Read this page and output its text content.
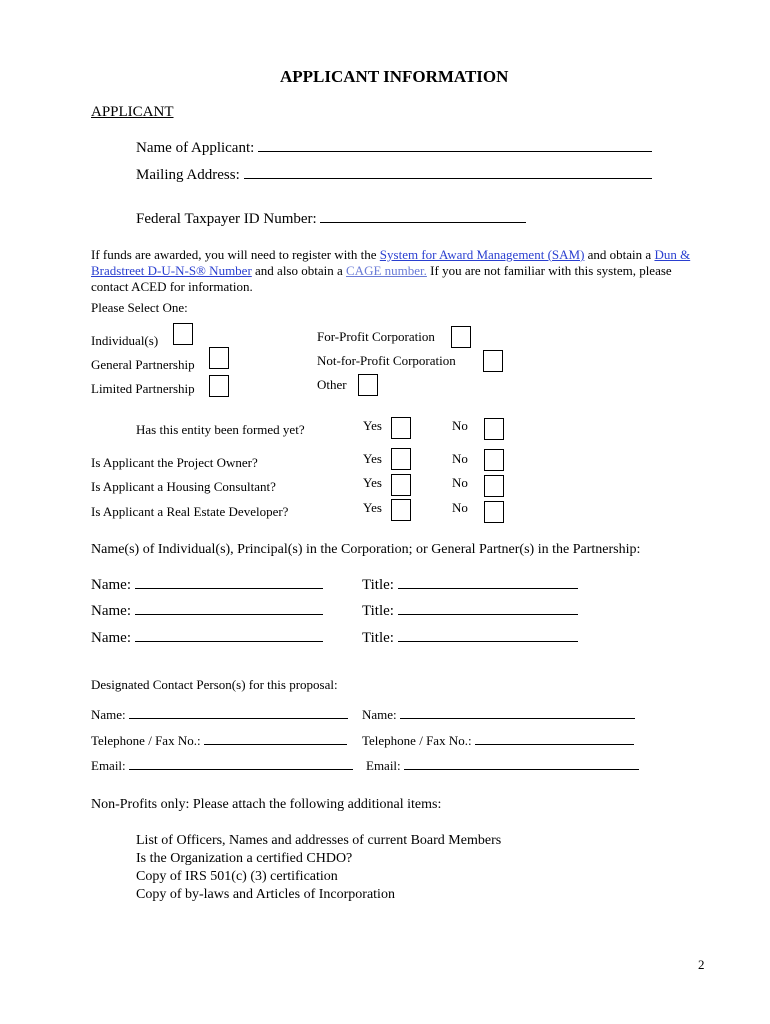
APPLICANT INFORMATION
APPLICANT
Name of Applicant:
Mailing Address:
Federal Taxpayer ID Number:
If funds are awarded, you will need to register with the System for Award Management (SAM) and obtain a Dun & Bradstreet D-U-N-S® Number and also obtain a CAGE number. If you are not familiar with this system, please contact ACED for information.
Please Select One:
Individual(s)
General Partnership
Limited Partnership
For-Profit Corporation
Not-for-Profit Corporation
Other
Has this entity been formed yet?	Yes	No
Is Applicant the Project Owner?	Yes	No
Is Applicant a Housing Consultant?	Yes	No
Is Applicant a Real Estate Developer?	Yes	No
Name(s) of Individual(s), Principal(s) in the Corporation; or General Partner(s) in the Partnership:
Name:	Title:
Name:	Title:
Name:	Title:
Designated Contact Person(s) for this proposal:
Name:	Name:
Telephone / Fax No.:	Telephone / Fax No.:
Email:	Email:
Non-Profits only: Please attach the following additional items:
List of Officers, Names and addresses of current Board Members
Is the Organization a certified CHDO?
Copy of IRS 501(c) (3) certification
Copy of by-laws and Articles of Incorporation
2
